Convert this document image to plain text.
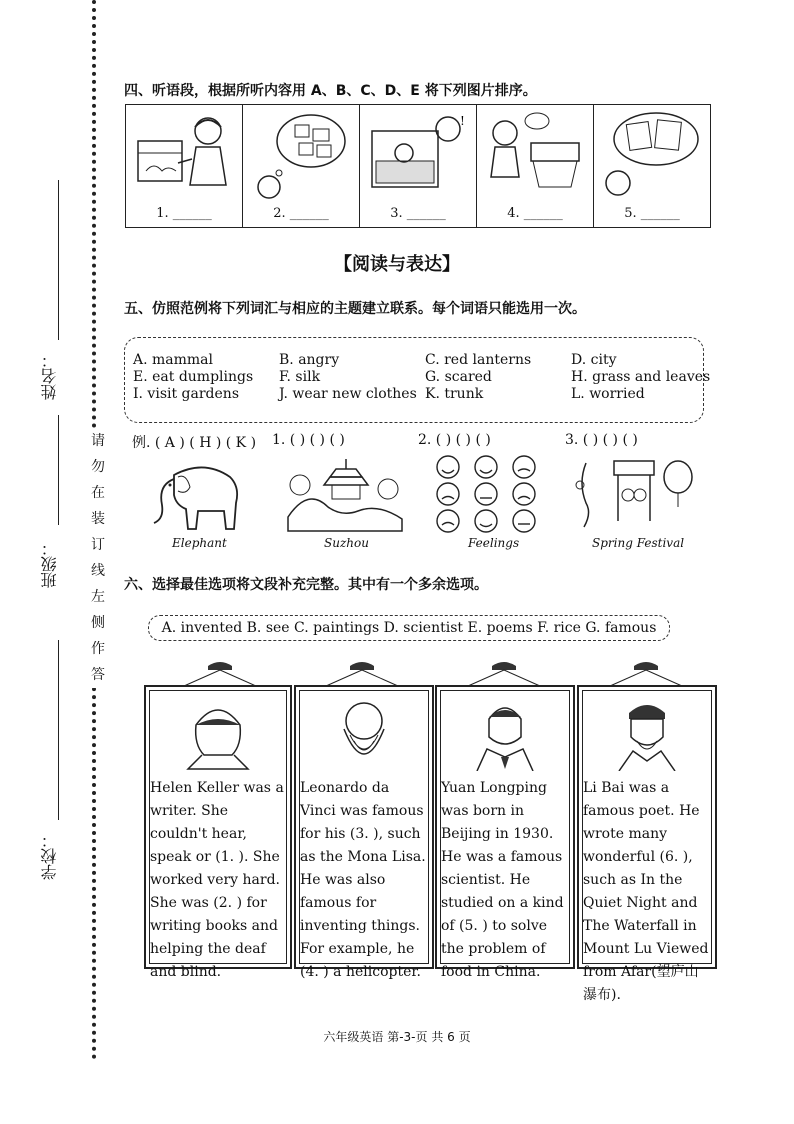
姓名：
班级：
学校：
请
勿
在
装
订
线
左
侧
作
答
四、听语段，根据所听内容用 A、B、C、D、E 将下列图片排序。
1. ______	2. ______
!
3. ______	4. ______	5. ______
【阅读与表达】
五、仿照范例将下列词汇与相应的主题建立联系。每个词语只能选用一次。
A. mammal	B. angry	C. red lanterns	D. city
E. eat dumplings	F. silk	G. scared	H. grass and leaves
I. visit gardens	J. wear new clothes K. trunk	L. worried
例. ( A ) ( H ) ( K ) 1. ( ) ( ) ( )	2. ( ) ( ) ( )	3. ( ) ( ) ( )
Elephant	Suzhou	Feelings	Spring Festival
六、选择最佳选项将文段补充完整。其中有一个多余选项。
A. invented B. see C. paintings D. scientist E. poems F. rice G. famous
Helen Keller was a writer. She couldn't hear, speak or (1. ). She worked very hard. She was (2. ) for writing books and helping the deaf and blind.
Leonardo da Vinci was famous for his (3. ), such as the Mona Lisa. He was also famous for inventing things. For example, he (4. ) a helicopter.
Yuan Longping was born in Beijing in 1930. He was a famous scientist. He studied on a kind of (5. ) to solve the problem of food in China.
Li Bai was a famous poet. He wrote many wonderful (6. ), such as In the Quiet Night and The Waterfall in Mount Lu Viewed from Afar(望庐山瀑布).
六年级英语 第-3-页 共 6 页
